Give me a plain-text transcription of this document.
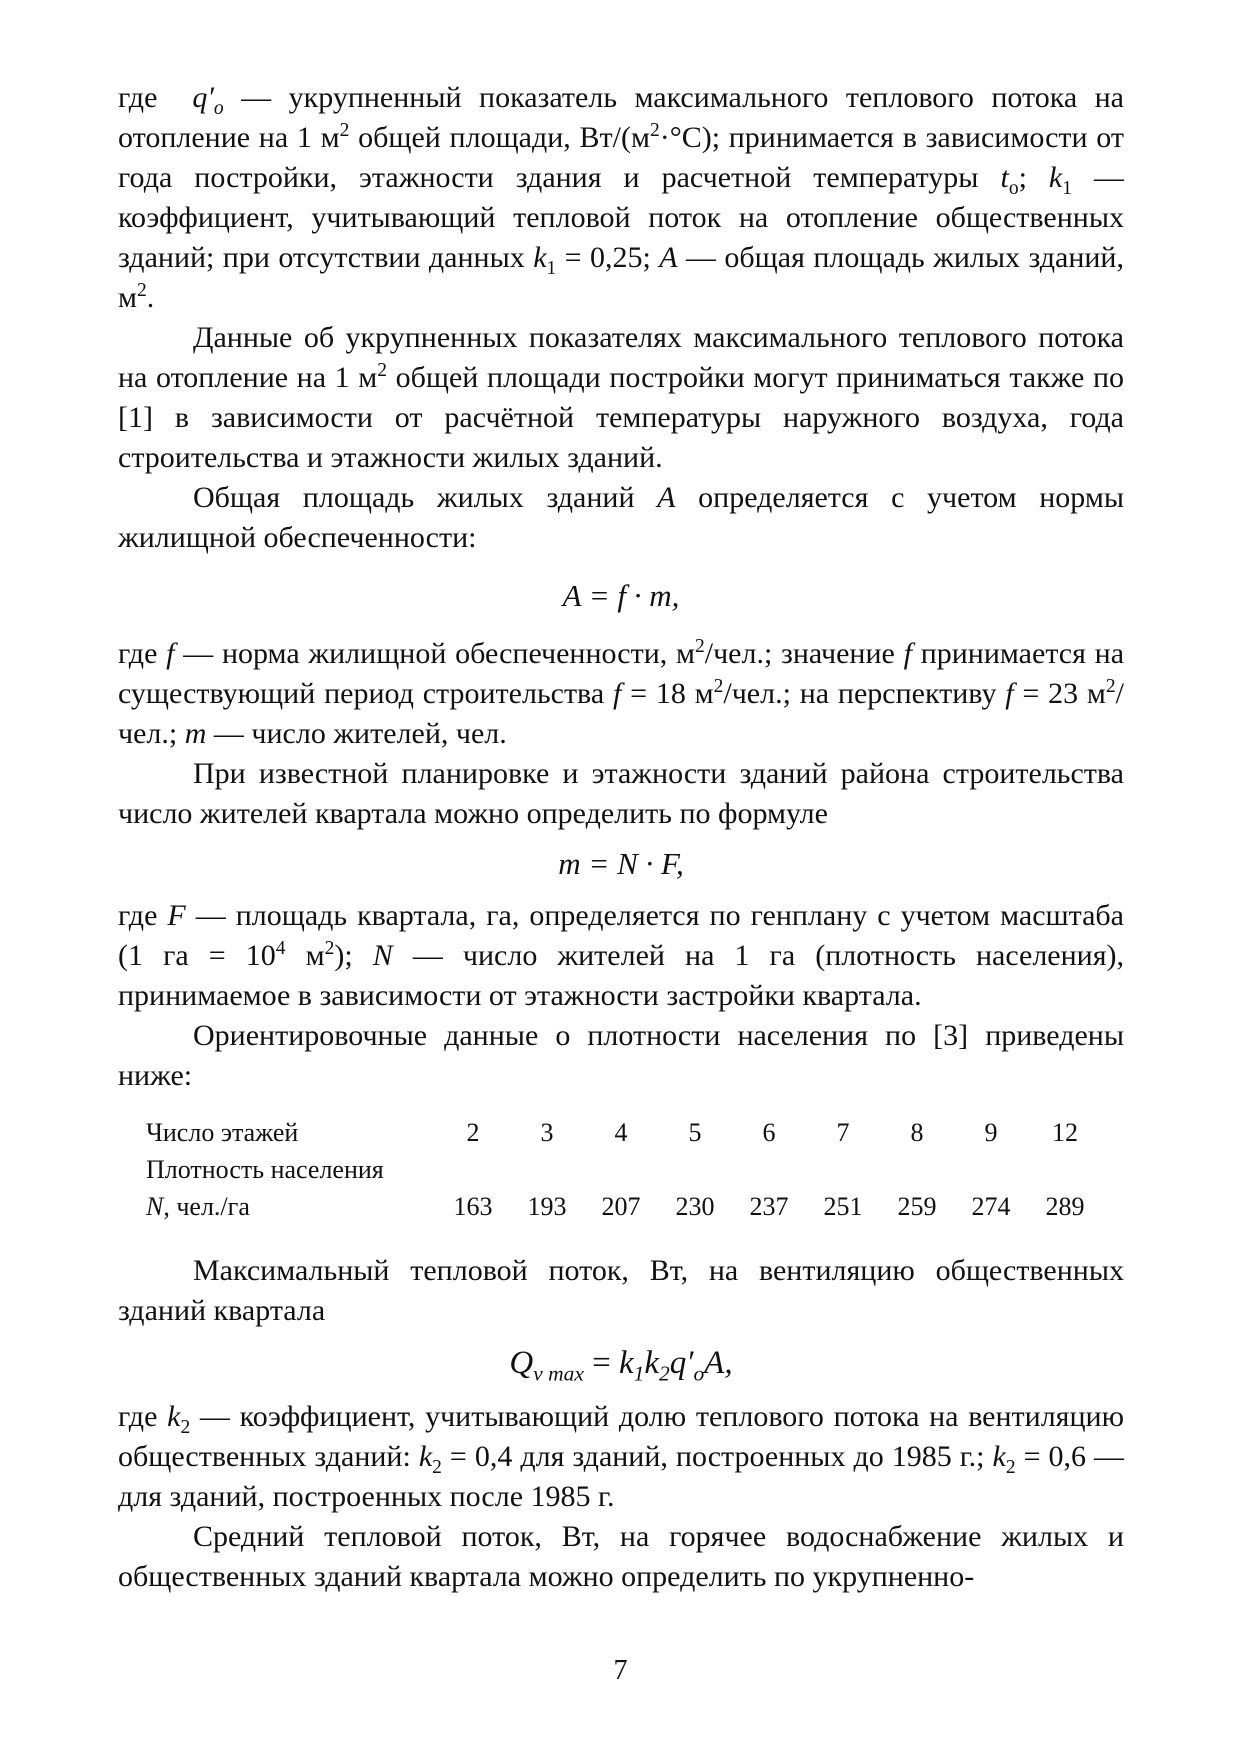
где $q'_о$ — укрупненный показатель максимального теплового потока на отопление на 1 $м^2$ общей площади, $Вт/(м^2\cdot^\circ С)$; принимается в зависимости от года постройки, этажности здания и расчетной температуры $t_о$; $k_1$ — коэффициент, учитывающий тепловой поток на отопление общественных зданий; при отсутствии данных $k_1 = 0,25$; A — общая площадь жилых зданий, $м^2$.

Данные об укрупненных показателях максимального теплового потока на отопление на 1 $м^2$ общей площади постройки могут приниматься также по [1] в зависимости от расчётной температуры наружного воздуха, года строительства и этажности жилых зданий.

Общая площадь жилых зданий A определяется с учетом нормы жилищной обеспеченности:

A = f · m,

где f — норма жилищной обеспеченности, $м^2$/чел.; значение f принимается на существующий период строительства f = 18 $м^2$/чел.; на перспективу f = 23 $м^2$/чел.; m — число жителей, чел.

При известной планировке и этажности зданий района строительства число жителей квартала можно определить по формуле

m = N · F,

где F — площадь квартала, га, определяется по генплану с учетом масштаба (1 га = $10^4$ $м^2$); N — число жителей на 1 га (плотность населения), принимаемое в зависимости от этажности застройки квартала.

Ориентировочные данные о плотности населения по [3] приведены ниже:

Число этажей	2	3	4	5	6	7	8	9	12
Плотность населения									
N, чел./га	163	193	207	230	237	251	259	274	289

Максимальный тепловой поток, Вт, на вентиляцию общественных зданий квартала

$Q_{v max} = k_1k_2q'_oA$,

где $k_2$ — коэффициент, учитывающий долю теплового потока на вентиляцию общественных зданий: $k_2 = 0,4$ для зданий, построенных до 1985 г.; $k_2 = 0,6$ — для зданий, построенных после 1985 г.

Средний тепловой поток, Вт, на горячее водоснабжение жилых и общественных зданий квартала можно определить по укрупненно-

7
